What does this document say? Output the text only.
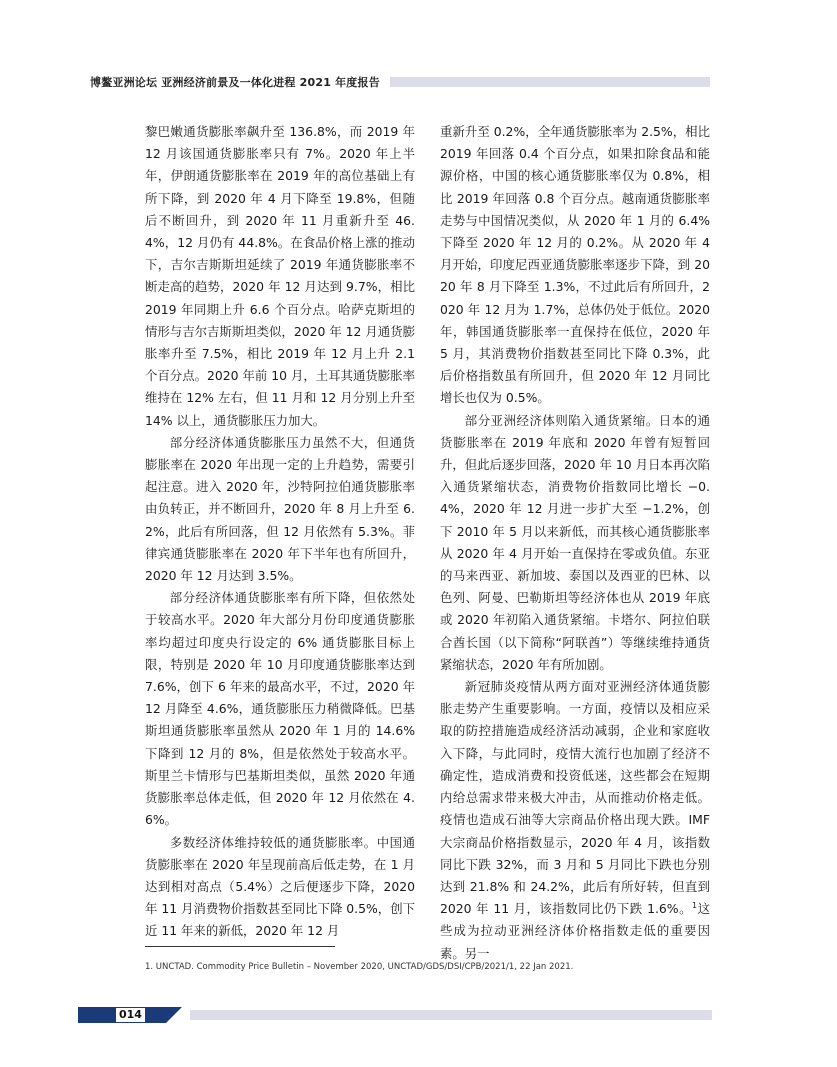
博鳌亚洲论坛 亚洲经济前景及一体化进程 2021 年度报告

黎巴嫩通货膨胀率飙升至 136.8%，而 2019 年 12 月该国通货膨胀率只有 7%。2020 年上半年，伊朗通货膨胀率在 2019 年的高位基础上有所下降，到 2020 年 4 月下降至 19.8%，但随后不断回升，到 2020 年 11 月重新升至 46.4%，12 月仍有 44.8%。在食品价格上涨的推动下，吉尔吉斯斯坦延续了 2019 年通货膨胀率不断走高的趋势，2020 年 12 月达到 9.7%，相比 2019 年同期上升 6.6 个百分点。哈萨克斯坦的情形与吉尔吉斯斯坦类似，2020 年 12 月通货膨胀率升至 7.5%，相比 2019 年 12 月上升 2.1 个百分点。2020 年前 10 月，土耳其通货膨胀率维持在 12% 左右，但 11 月和 12 月分别上升至 14% 以上，通货膨胀压力加大。

部分经济体通货膨胀压力虽然不大，但通货膨胀率在 2020 年出现一定的上升趋势，需要引起注意。进入 2020 年，沙特阿拉伯通货膨胀率由负转正，并不断回升，2020 年 8 月上升至 6.2%，此后有所回落，但 12 月依然有 5.3%。菲律宾通货膨胀率在 2020 年下半年也有所回升，2020 年 12 月达到 3.5%。

部分经济体通货膨胀率有所下降，但依然处于较高水平。2020 年大部分月份印度通货膨胀率均超过印度央行设定的 6% 通货膨胀目标上限，特别是 2020 年 10 月印度通货膨胀率达到 7.6%，创下 6 年来的最高水平，不过，2020 年 12 月降至 4.6%，通货膨胀压力稍微降低。巴基斯坦通货膨胀率虽然从 2020 年 1 月的 14.6% 下降到 12 月的 8%，但是依然处于较高水平。斯里兰卡情形与巴基斯坦类似，虽然 2020 年通货膨胀率总体走低，但 2020 年 12 月依然在 4.6%。

多数经济体维持较低的通货膨胀率。中国通货膨胀率在 2020 年呈现前高后低走势，在 1 月达到相对高点（5.4%）之后便逐步下降，2020 年 11 月消费物价指数甚至同比下降 0.5%，创下近 11 年来的新低，2020 年 12 月

重新升至 0.2%，全年通货膨胀率为 2.5%，相比 2019 年回落 0.4 个百分点，如果扣除食品和能源价格，中国的核心通货膨胀率仅为 0.8%，相比 2019 年回落 0.8 个百分点。越南通货膨胀率走势与中国情况类似，从 2020 年 1 月的 6.4% 下降至 2020 年 12 月的 0.2%。从 2020 年 4 月开始，印度尼西亚通货膨胀率逐步下降，到 2020 年 8 月下降至 1.3%，不过此后有所回升，2020 年 12 月为 1.7%，总体仍处于低位。2020 年，韩国通货膨胀率一直保持在低位，2020 年 5 月，其消费物价指数甚至同比下降 0.3%，此后价格指数虽有所回升，但 2020 年 12 月同比增长也仅为 0.5%。

部分亚洲经济体则陷入通货紧缩。日本的通货膨胀率在 2019 年底和 2020 年曾有短暂回升，但此后逐步回落，2020 年 10 月日本再次陷入通货紧缩状态，消费物价指数同比增长 −0.4%，2020 年 12 月进一步扩大至 −1.2%，创下 2010 年 5 月以来新低，而其核心通货膨胀率从 2020 年 4 月开始一直保持在零或负值。东亚的马来西亚、新加坡、泰国以及西亚的巴林、以色列、阿曼、巴勒斯坦等经济体也从 2019 年底或 2020 年初陷入通货紧缩。卡塔尔、阿拉伯联合酋长国（以下简称“阿联酋”）等继续维持通货紧缩状态，2020 年有所加剧。

新冠肺炎疫情从两方面对亚洲经济体通货膨胀走势产生重要影响。一方面，疫情以及相应采取的防控措施造成经济活动减弱，企业和家庭收入下降，与此同时，疫情大流行也加剧了经济不确定性，造成消费和投资低迷，这些都会在短期内给总需求带来极大冲击，从而推动价格走低。疫情也造成石油等大宗商品价格出现大跌。IMF 大宗商品价格指数显示，2020 年 4 月，该指数同比下跌 32%，而 3 月和 5 月同比下跌也分别达到 21.8% 和 24.2%，此后有所好转，但直到 2020 年 11 月，该指数同比仍下跌 1.6%。$^1$这些成为拉动亚洲经济体价格指数走低的重要因素。另一

1. UNCTAD. Commodity Price Bulletin – November 2020, UNCTAD/GDS/DSI/CPB/2021/1, 22 Jan 2021.
014
